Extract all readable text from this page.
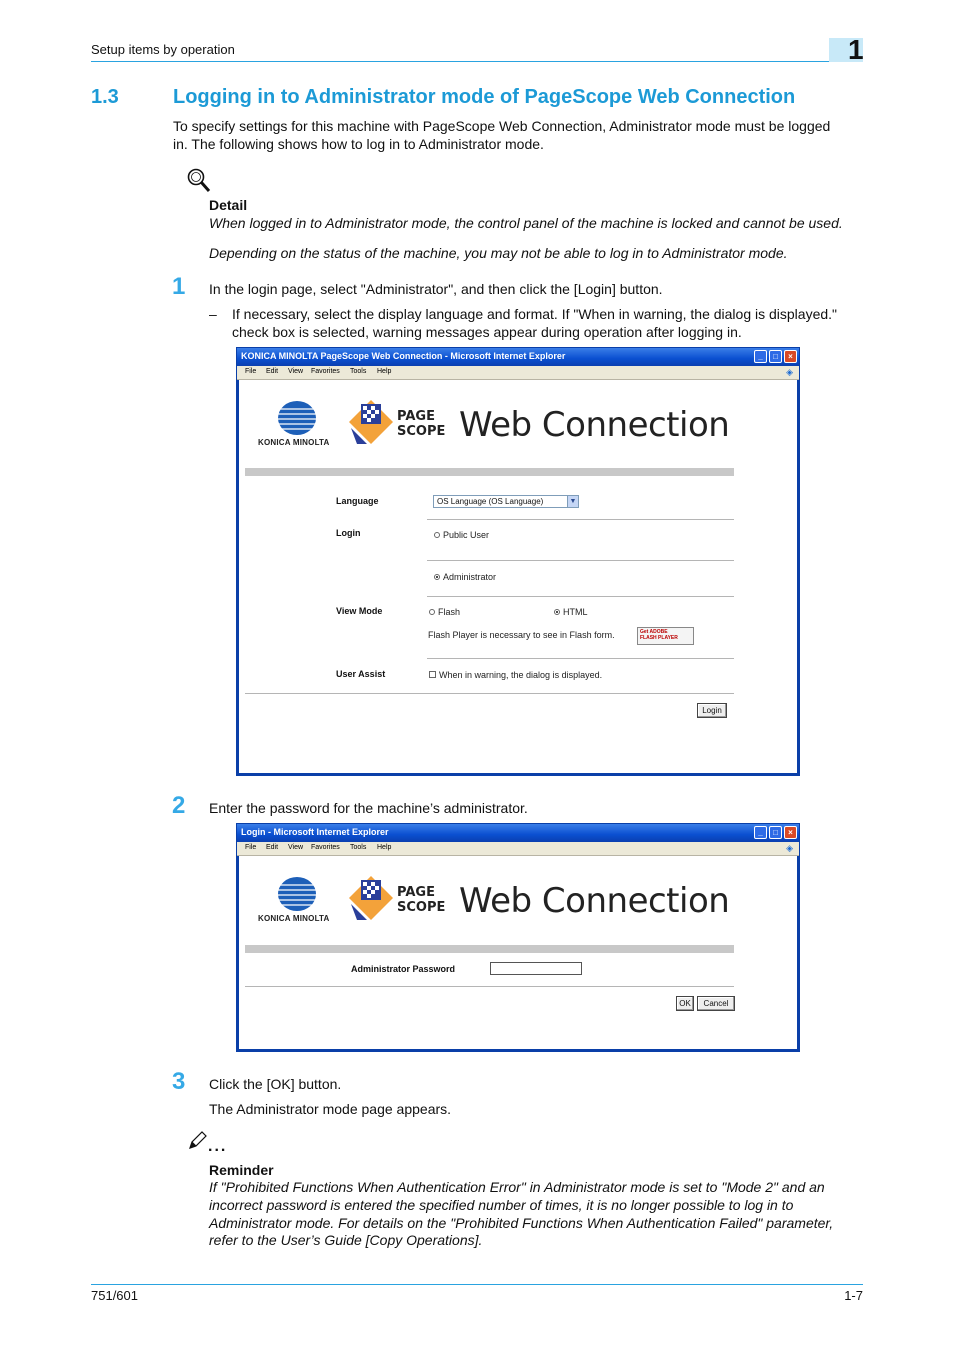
Setup items by operation	1
1.3	Logging in to Administrator mode of PageScope Web Connection
To specify settings for this machine with PageScope Web Connection, Administrator mode must be logged
in. The following shows how to log in to Administrator mode.
Detail
When logged in to Administrator mode, the control panel of the machine is locked and cannot be used.
Depending on the status of the machine, you may not be able to log in to Administrator mode.
1 In the login page, select "Administrator", and then click the [Login] button.
– If necessary, select the display language and format. If "When in warning, the dialog is displayed."
check box is selected, warning messages appear during operation after logging in.
KONICA MINOLTA PageScope Web Connection - Microsoft Internet Explorer	_	□	×
File Edit View Favorites Tools Help	◈
KONICA MINOLTA
PAGE
SCOPE Web Connection
Language	OS Language (OS Language)	▼
Login	Public User
Administrator
View Mode	Flash	HTML
Flash Player is necessary to see in Flash form.	Get ADOBE
FLASH PLAYER
User Assist	When in warning, the dialog is displayed.
Login
2 Enter the password for the machine’s administrator.
Login - Microsoft Internet Explorer	_	□	×
File Edit View Favorites Tools Help	◈
KONICA MINOLTA
PAGE
SCOPE Web Connection
Administrator Password
OK	Cancel
3 Click the [OK] button.
The Administrator mode page appears.
...
Reminder
If "Prohibited Functions When Authentication Error" in Administrator mode is set to "Mode 2" and an
incorrect password is entered the specified number of times, it is no longer possible to log in to
Administrator mode. For details on the "Prohibited Functions When Authentication Failed" parameter,
refer to the User’s Guide [Copy Operations].
751/601	1-7
